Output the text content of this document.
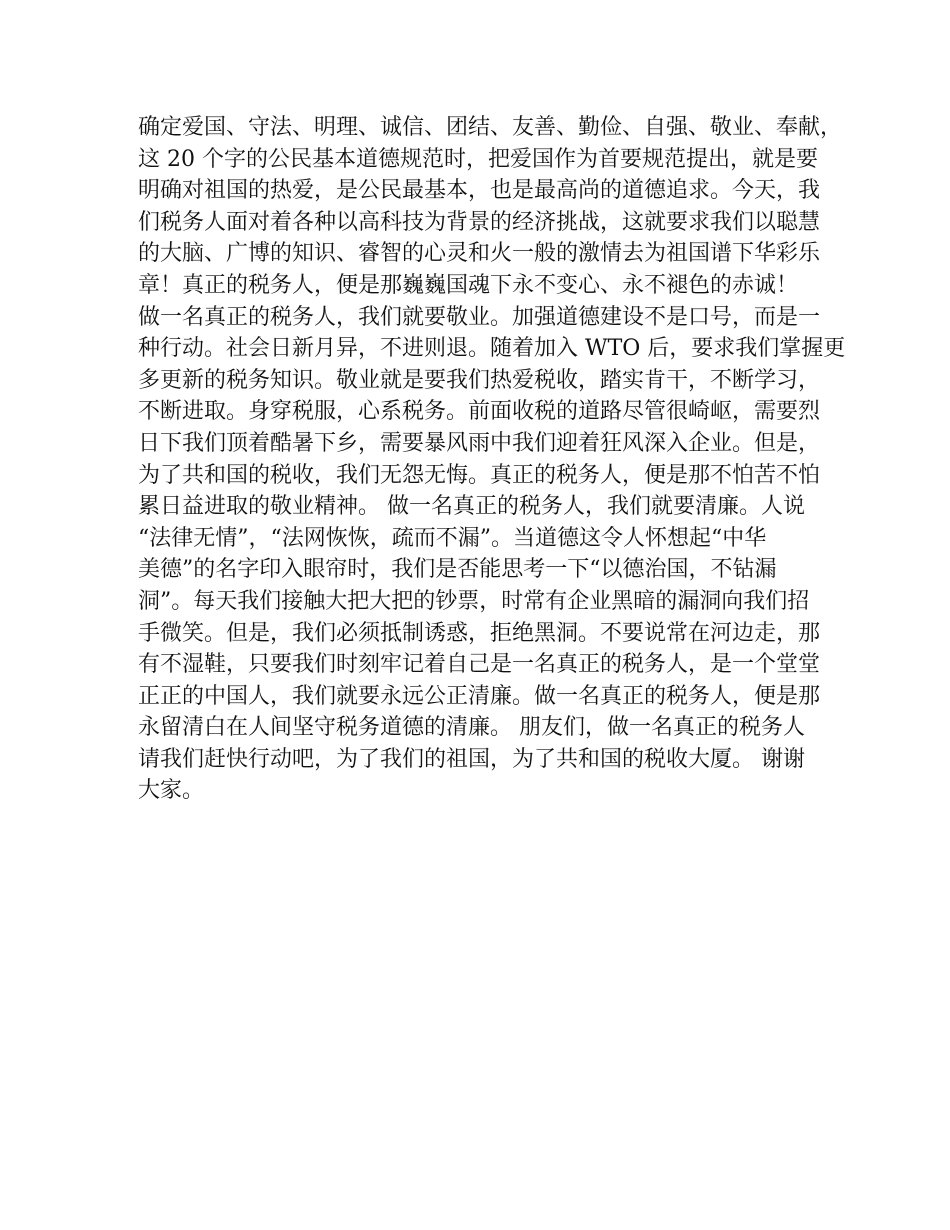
确定爱国、守法、明理、诚信、团结、友善、勤俭、自强、敬业、奉献，
这 20 个字的公民基本道德规范时，把爱国作为首要规范提出，就是要
明确对祖国的热爱，是公民最基本，也是最高尚的道德追求。今天，我
们税务人面对着各种以高科技为背景的经济挑战，这就要求我们以聪慧
的大脑、广博的知识、睿智的心灵和火一般的激情去为祖国谱下华彩乐
章！真正的税务人，便是那巍巍国魂下永不变心、永不褪色的赤诚！
做一名真正的税务人，我们就要敬业。加强道德建设不是口号，而是一
种行动。社会日新月异，不进则退。随着加入 WTO 后，要求我们掌握更
多更新的税务知识。敬业就是要我们热爱税收，踏实肯干，不断学习，
不断进取。身穿税服，心系税务。前面收税的道路尽管很崎岖，需要烈
日下我们顶着酷暑下乡，需要暴风雨中我们迎着狂风深入企业。但是，
为了共和国的税收，我们无怨无悔。真正的税务人，便是那不怕苦不怕
累日益进取的敬业精神。 做一名真正的税务人，我们就要清廉。人说
“法律无情”，“法网恢恢，疏而不漏”。当道德这令人怀想起“中华
美德”的名字印入眼帘时，我们是否能思考一下“以德治国，不钻漏
洞”。每天我们接触大把大把的钞票，时常有企业黑暗的漏洞向我们招
手微笑。但是，我们必须抵制诱惑，拒绝黑洞。不要说常在河边走，那
有不湿鞋，只要我们时刻牢记着自己是一名真正的税务人，是一个堂堂
正正的中国人，我们就要永远公正清廉。做一名真正的税务人，便是那
永留清白在人间坚守税务道德的清廉。 朋友们，做一名真正的税务人
请我们赶快行动吧，为了我们的祖国，为了共和国的税收大厦。 谢谢
大家。
